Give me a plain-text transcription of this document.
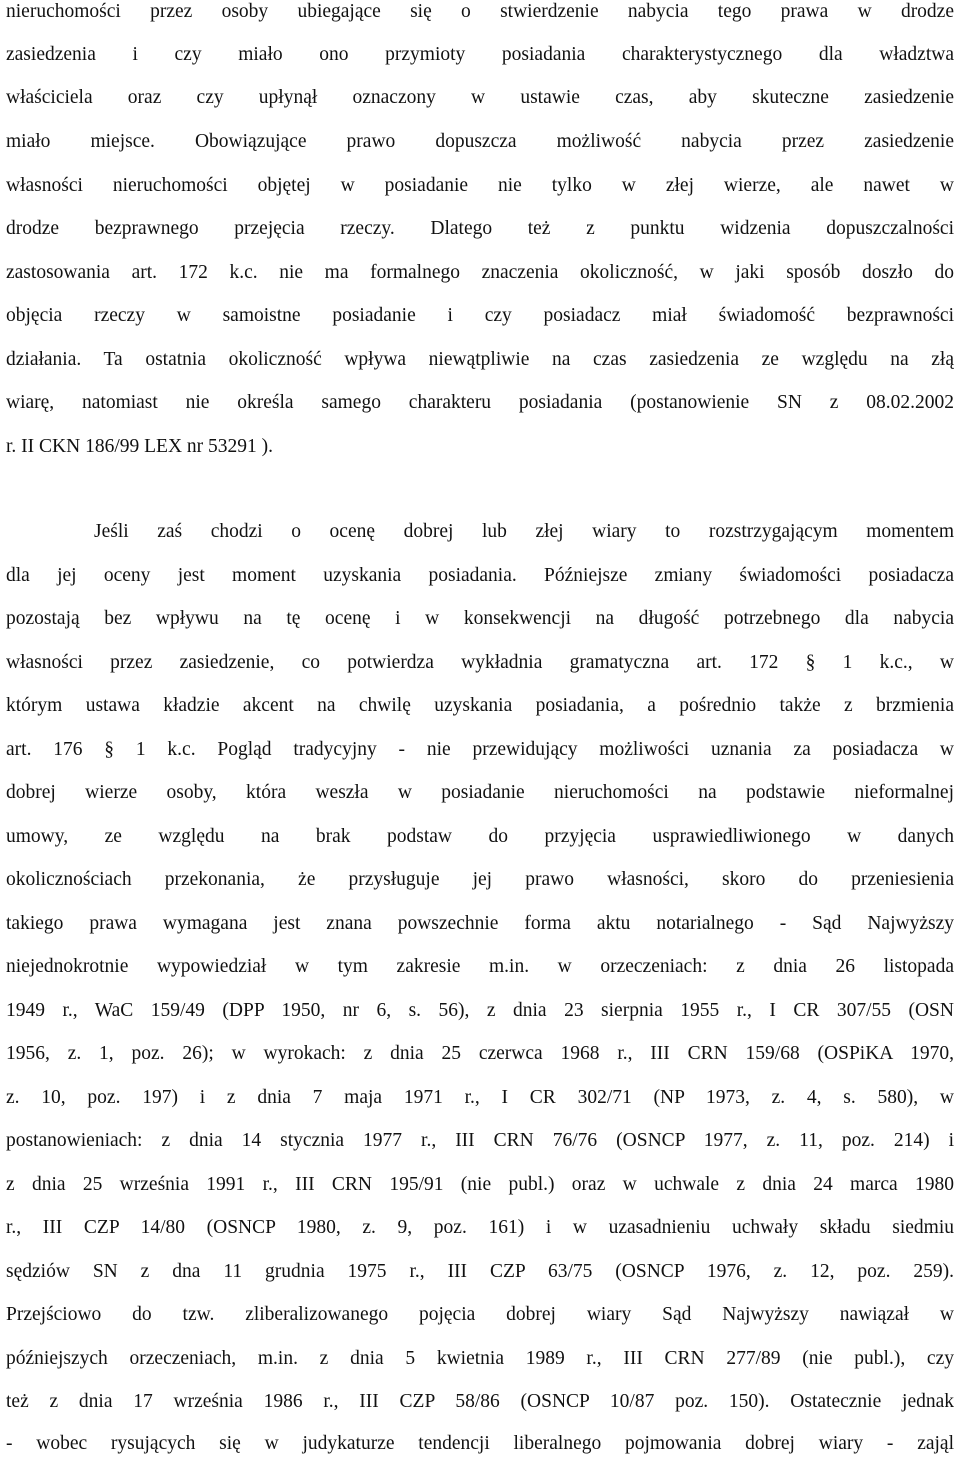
nieruchomości przez osoby ubiegające się o stwierdzenie nabycia tego prawa w drodze
zasiedzenia i czy miało ono przymioty posiadania charakterystycznego dla władztwa
właściciela oraz czy upłynął oznaczony w ustawie czas, aby skuteczne zasiedzenie
miało miejsce. Obowiązujące prawo dopuszcza możliwość nabycia przez zasiedzenie
własności nieruchomości objętej w posiadanie nie tylko w złej wierze, ale nawet w
drodze bezprawnego przejęcia rzeczy. Dlatego też z punktu widzenia dopuszczalności
zastosowania art. 172 k.c. nie ma formalnego znaczenia okoliczność, w jaki sposób doszło do
objęcia rzeczy w samoistne posiadanie i czy posiadacz miał świadomość bezprawności
działania. Ta ostatnia okoliczność wpływa niewątpliwie na czas zasiedzenia ze względu na złą
wiarę, natomiast nie określa samego charakteru posiadania (postanowienie SN z 08.02.2002
r. II CKN 186/99 LEX nr 53291 ).
Jeśli zaś chodzi o ocenę dobrej lub złej wiary to rozstrzygającym momentem
dla jej oceny jest moment uzyskania posiadania. Późniejsze zmiany świadomości posiadacza
pozostają bez wpływu na tę ocenę i w konsekwencji na długość potrzebnego dla nabycia
własności przez zasiedzenie, co potwierdza wykładnia gramatyczna art. 172 § 1 k.c., w
którym ustawa kładzie akcent na chwilę uzyskania posiadania, a pośrednio także z brzmienia
art. 176 § 1 k.c. Pogląd tradycyjny - nie przewidujący możliwości uznania za posiadacza w
dobrej wierze osoby, która weszła w posiadanie nieruchomości na podstawie nieformalnej
umowy, ze względu na brak podstaw do przyjęcia usprawiedliwionego w danych
okolicznościach przekonania, że przysługuje jej prawo własności, skoro do przeniesienia
takiego prawa wymagana jest znana powszechnie forma aktu notarialnego - Sąd Najwyższy
niejednokrotnie wypowiedział w tym zakresie m.in. w orzeczeniach: z dnia 26 listopada
1949 r., WaC 159/49 (DPP 1950, nr 6, s. 56), z dnia 23 sierpnia 1955 r., I CR 307/55 (OSN
1956, z. 1, poz. 26); w wyrokach: z dnia 25 czerwca 1968 r., III CRN 159/68 (OSPiKA 1970,
z. 10, poz. 197) i z dnia 7 maja 1971 r., I CR 302/71 (NP 1973, z. 4, s. 580), w
postanowieniach: z dnia 14 stycznia 1977 r., III CRN 76/76 (OSNCP 1977, z. 11, poz. 214) i
z dnia 25 września 1991 r., III CRN 195/91 (nie publ.) oraz w uchwale z dnia 24 marca 1980
r., III CZP 14/80 (OSNCP 1980, z. 9, poz. 161) i w uzasadnieniu uchwały składu siedmiu
sędziów SN z dna 11 grudnia 1975 r., III CZP 63/75 (OSNCP 1976, z. 12, poz. 259).
Przejściowo do tzw. zliberalizowanego pojęcia dobrej wiary Sąd Najwyższy nawiązał w
późniejszych orzeczeniach, m.in. z dnia 5 kwietnia 1989 r., III CRN 277/89 (nie publ.), czy
też z dnia 17 września 1986 r., III CZP 58/86 (OSNCP 10/87 poz. 150). Ostatecznie jednak
- wobec rysujących się w judykaturze tendencji liberalnego pojmowania dobrej wiary - zająl
